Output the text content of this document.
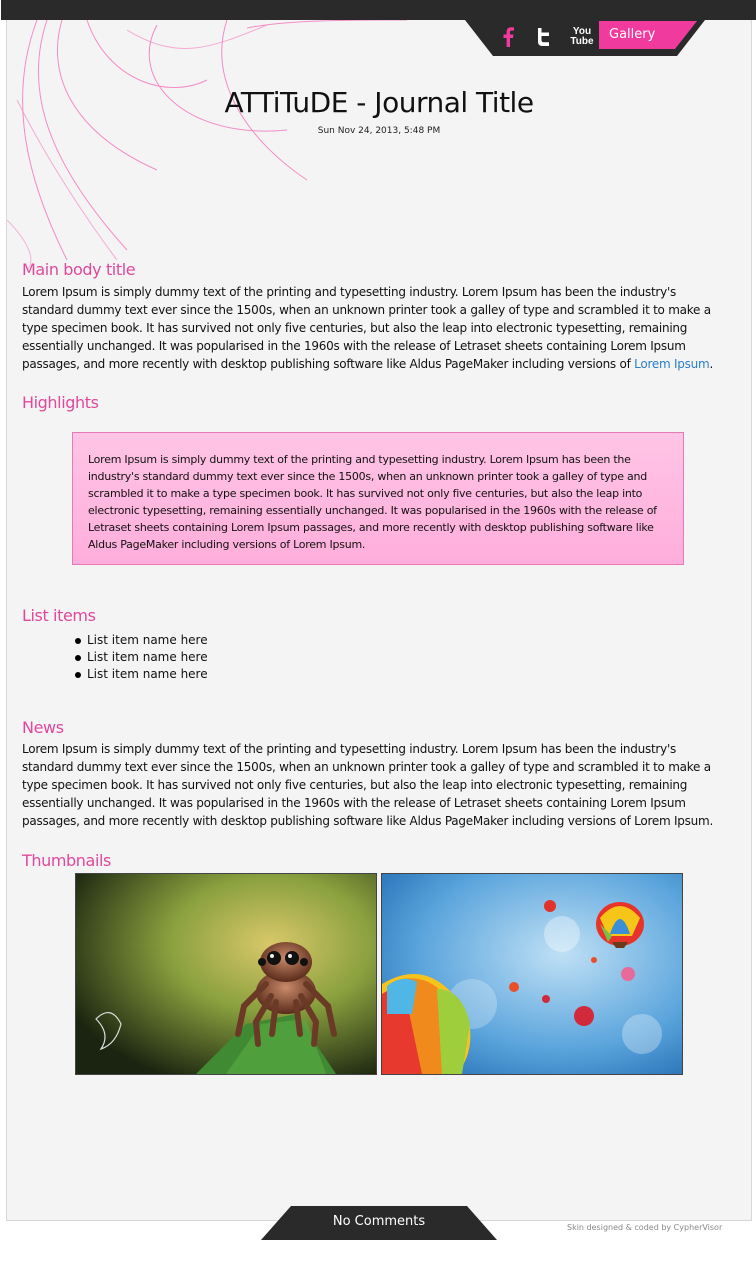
You
Tube Gallery
ATTiTuDE - Journal Title
Sun Nov 24, 2013, 5:48 PM
Main body title

Lorem Ipsum is simply dummy text of the printing and typesetting industry. Lorem Ipsum has been the industry's standard dummy text ever since the 1500s, when an unknown printer took a galley of type and scrambled it to make a type specimen book. It has survived not only five centuries, but also the leap into electronic typesetting, remaining essentially unchanged. It was popularised in the 1960s with the release of Letraset sheets containing Lorem Ipsum passages, and more recently with desktop publishing software like Aldus PageMaker including versions of Lorem Ipsum.

Highlights

Lorem Ipsum is simply dummy text of the printing and typesetting industry. Lorem Ipsum has been the industry's standard dummy text ever since the 1500s, when an unknown printer took a galley of type and scrambled it to make a type specimen book. It has survived not only five centuries, but also the leap into electronic typesetting, remaining essentially unchanged. It was popularised in the 1960s with the release of Letraset sheets containing Lorem Ipsum passages, and more recently with desktop publishing software like Aldus PageMaker including versions of Lorem Ipsum.

List items
List item name here
List item name here
List item name here
News

Lorem Ipsum is simply dummy text of the printing and typesetting industry. Lorem Ipsum has been the industry's standard dummy text ever since the 1500s, when an unknown printer took a galley of type and scrambled it to make a type specimen book. It has survived not only five centuries, but also the leap into electronic typesetting, remaining essentially unchanged. It was popularised in the 1960s with the release of Letraset sheets containing Lorem Ipsum passages, and more recently with desktop publishing software like Aldus PageMaker including versions of Lorem Ipsum.

Thumbnails
No Comments	Skin designed & coded by CypherVisor
